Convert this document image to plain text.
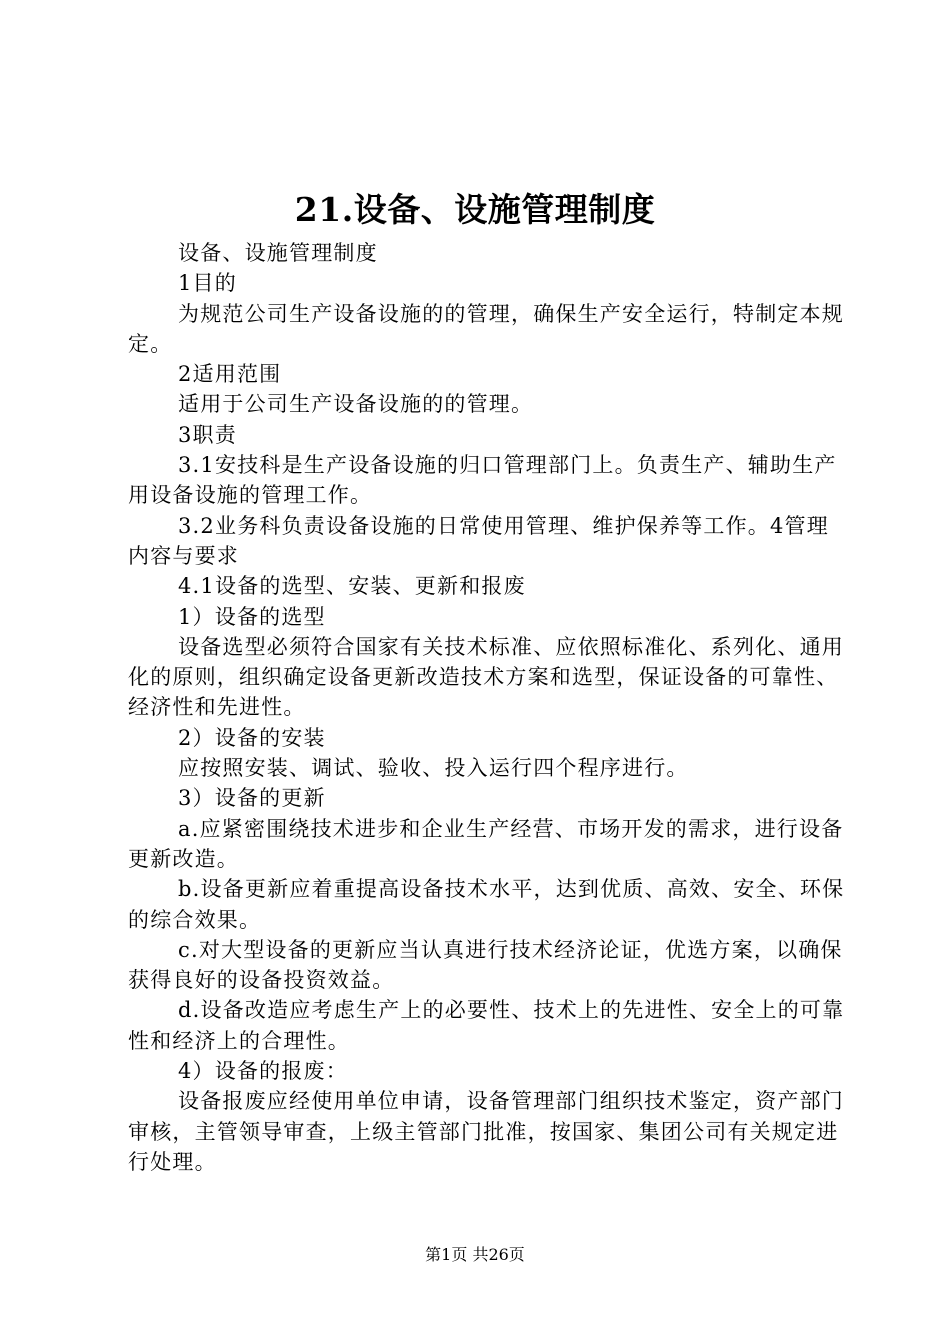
21.设备、设施管理制度

设备、设施管理制度

1目的

为规范公司生产设备设施的的管理，确保生产安全运行，特制定本规定。

2适用范围

适用于公司生产设备设施的的管理。

3职责

3.1安技科是生产设备设施的归口管理部门上。负责生产、辅助生产用设备设施的管理工作。

3.2业务科负责设备设施的日常使用管理、维护保养等工作。4管理内容与要求

4.1设备的选型、安装、更新和报废

1）设备的选型

设备选型必须符合国家有关技术标准、应依照标准化、系列化、通用化的原则，组织确定设备更新改造技术方案和选型，保证设备的可靠性、经济性和先进性。

2）设备的安装

应按照安装、调试、验收、投入运行四个程序进行。

3）设备的更新

a.应紧密围绕技术进步和企业生产经营、市场开发的需求，进行设备更新改造。

b.设备更新应着重提高设备技术水平，达到优质、高效、安全、环保的综合效果。

c.对大型设备的更新应当认真进行技术经济论证，优选方案，以确保获得良好的设备投资效益。

d.设备改造应考虑生产上的必要性、技术上的先进性、安全上的可靠性和经济上的合理性。

4）设备的报废：

设备报废应经使用单位申请，设备管理部门组织技术鉴定，资产部门审核，主管领导审查，上级主管部门批准，按国家、集团公司有关规定进行处理。

第1页 共26页
